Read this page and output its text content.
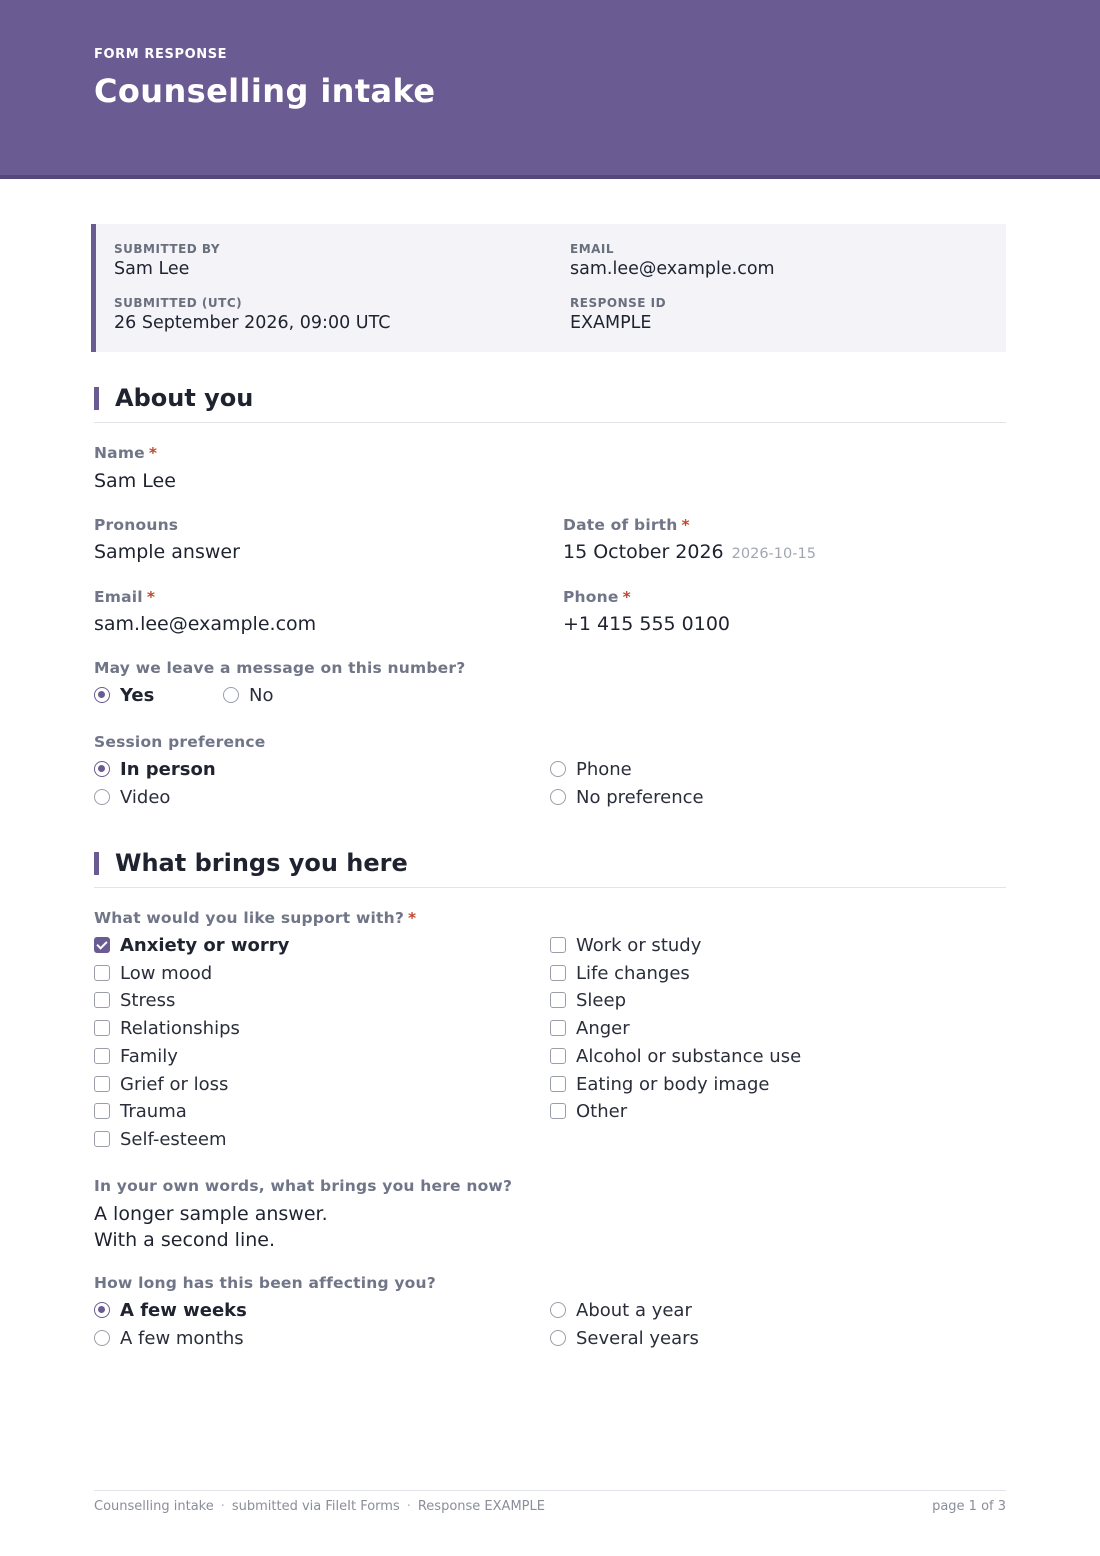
FORM RESPONSE
Counselling intake
SUBMITTED BY
Sam Lee
EMAIL
sam.lee@example.com
SUBMITTED (UTC)
26 September 2026, 09:00 UTC
RESPONSE ID
EXAMPLE
About you
Name *
Sam Lee
Pronouns
Sample answer
Date of birth *
15 October 2026 2026-10-15
Email *
sam.lee@example.com
Phone *
+1 415 555 0100
May we leave a message on this number?
Yes	No
Session preference
In person
Video
Phone
No preference
What brings you here
What would you like support with? *
Anxiety or worry
Low mood
Stress
Relationships
Family
Grief or loss
Trauma
Self-esteem
Work or study
Life changes
Sleep
Anger
Alcohol or substance use
Eating or body image
Other
In your own words, what brings you here now?
A longer sample answer.
With a second line.
How long has this been affecting you?
A few weeks
A few months
About a year
Several years
Counselling intake · submitted via FileIt Forms · Response EXAMPLE	page 1 of 3
